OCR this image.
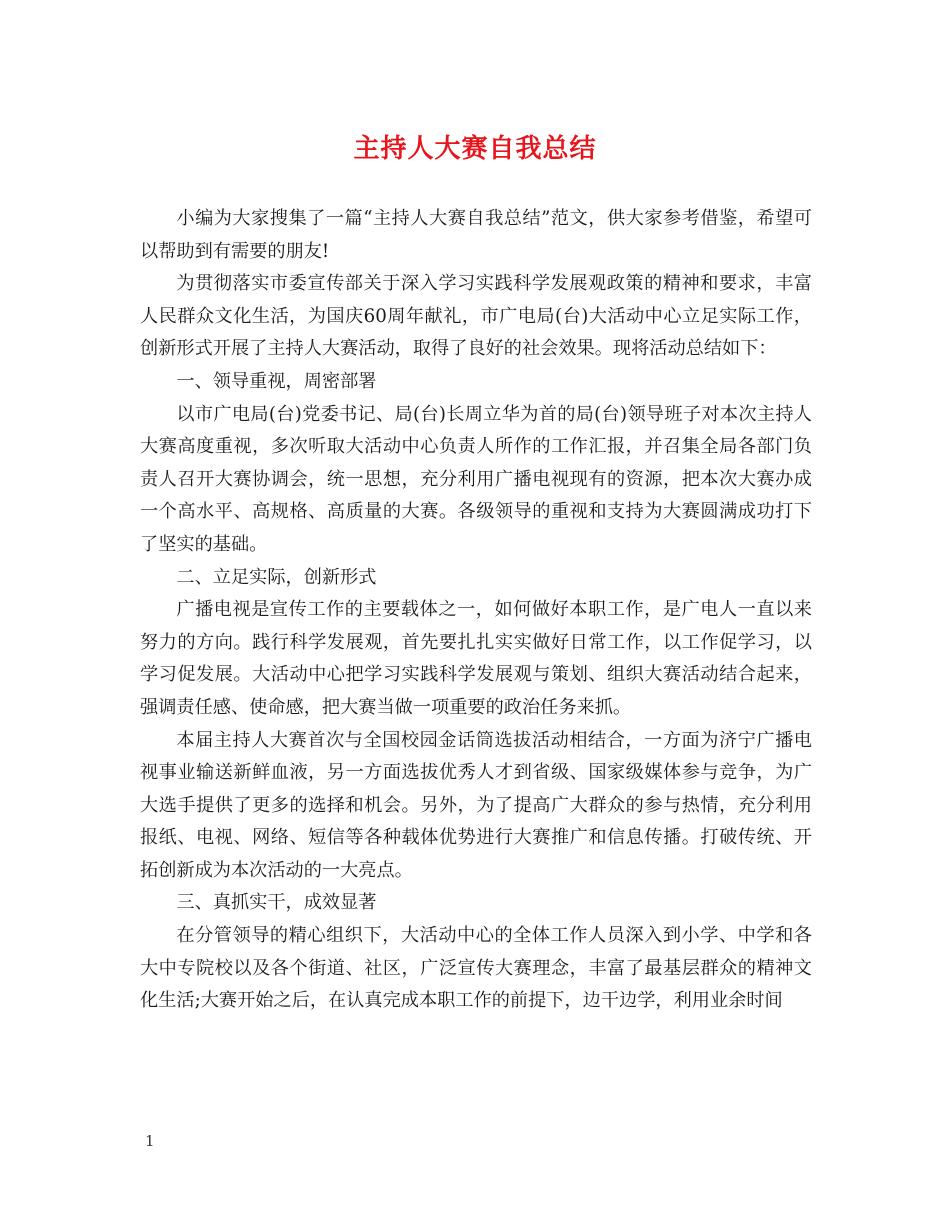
主持人大赛自我总结

小编为大家搜集了一篇“主持人大赛自我总结”范文，供大家参考借鉴，希望可以帮助到有需要的朋友!

为贯彻落实市委宣传部关于深入学习实践科学发展观政策的精神和要求，丰富人民群众文化生活，为国庆60周年献礼，市广电局(台)大活动中心立足实际工作，创新形式开展了主持人大赛活动，取得了良好的社会效果。现将活动总结如下：

一、领导重视，周密部署

以市广电局(台)党委书记、局(台)长周立华为首的局(台)领导班子对本次主持人大赛高度重视，多次听取大活动中心负责人所作的工作汇报，并召集全局各部门负责人召开大赛协调会，统一思想，充分利用广播电视现有的资源，把本次大赛办成一个高水平、高规格、高质量的大赛。各级领导的重视和支持为大赛圆满成功打下了坚实的基础。

二、立足实际，创新形式

广播电视是宣传工作的主要载体之一，如何做好本职工作，是广电人一直以来努力的方向。践行科学发展观，首先要扎扎实实做好日常工作，以工作促学习，以学习促发展。大活动中心把学习实践科学发展观与策划、组织大赛活动结合起来，强调责任感、使命感，把大赛当做一项重要的政治任务来抓。

本届主持人大赛首次与全国校园金话筒选拔活动相结合，一方面为济宁广播电视事业输送新鲜血液，另一方面选拔优秀人才到省级、国家级媒体参与竞争，为广大选手提供了更多的选择和机会。另外，为了提高广大群众的参与热情，充分利用报纸、电视、网络、短信等各种载体优势进行大赛推广和信息传播。打破传统、开拓创新成为本次活动的一大亮点。

三、真抓实干，成效显著

在分管领导的精心组织下，大活动中心的全体工作人员深入到小学、中学和各大中专院校以及各个街道、社区，广泛宣传大赛理念，丰富了最基层群众的精神文化生活;大赛开始之后，在认真完成本职工作的前提下，边干边学，利用业余时间

1
